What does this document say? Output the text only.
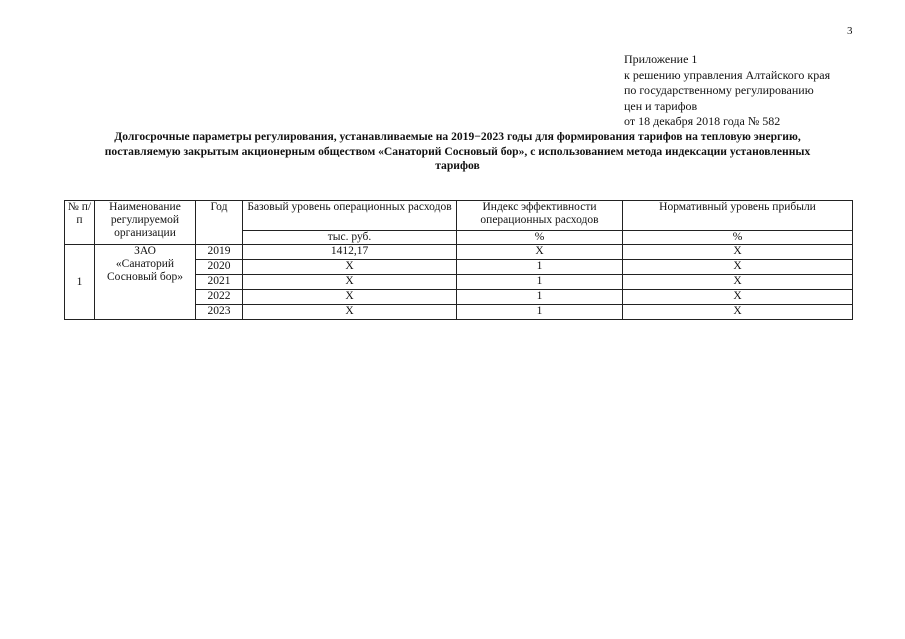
3
Приложение 1
к решению управления Алтайского края
по государственному регулированию
цен и тарифов
от 18 декабря 2018 года № 582
Долгосрочные параметры регулирования, устанавливаемые на 2019−2023 годы для формирования тарифов на тепловую энергию,
поставляемую закрытым акционерным обществом «Санаторий Сосновый бор», с использованием метода индексации установленных
тарифов
№ п/п	Наименование регулируемой организации	Год	Базовый уровень операционных расходов	Индекс эффективности операционных расходов	Нормативный уровень прибыли
			тыс. руб.	%	%
1	ЗАО
«Санаторий
Сосновый бор»	2019	1412,17	X	X
		2020	X	1	X
		2021	X	1	X
		2022	X	1	X
		2023	X	1	X
